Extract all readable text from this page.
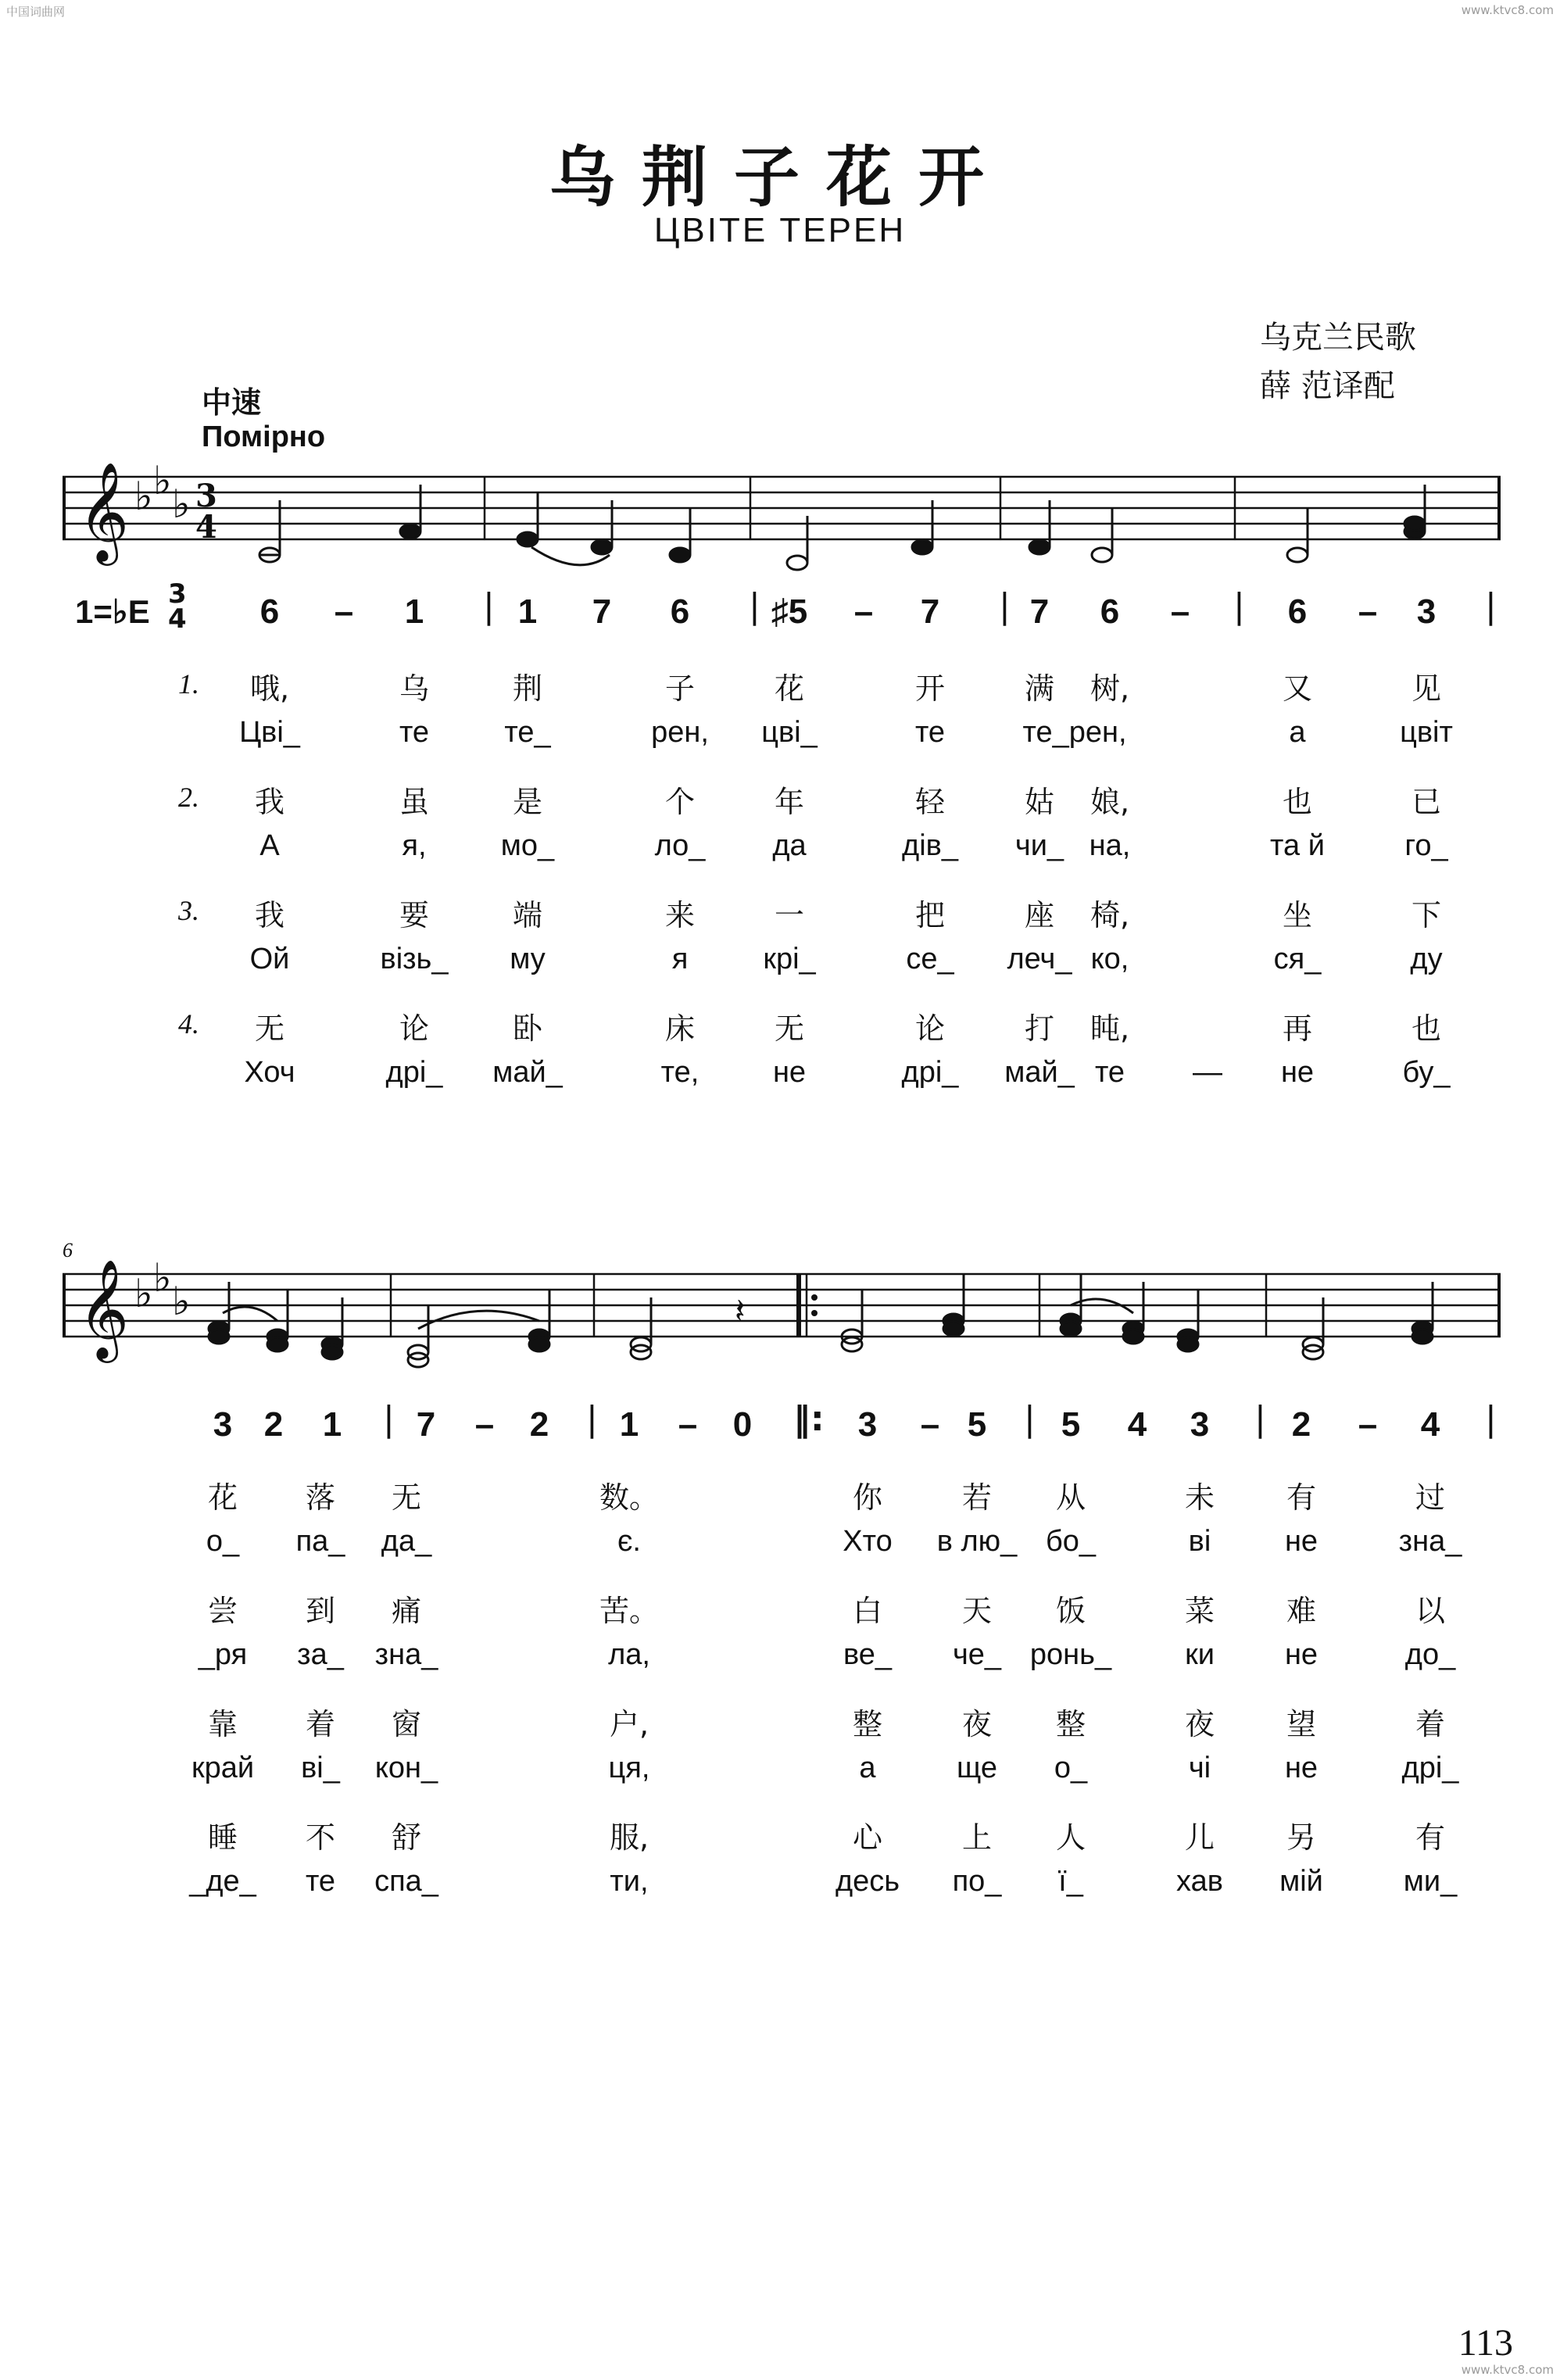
中国词曲网	www.ktvc8.com
www.ktvc8.com
乌荆子花开
ЦВІТЕ ТЕРЕН
乌克兰民歌
薛 范译配
中速
Помірно
𝄞 ♭ ♭
♭ 3
4
1=♭E 3
4	6	–	1	| 1	7	6	| ♯5	–	7	| 7	6	–	|	6	–	3	|
1.	哦,	乌	荆	子	花	开	满	树,	又	见
Цві_	те	те_	рен,	цві_	те	те_рен,	а	цвіт
2.	我	虽	是	个	年	轻	姑	娘,	也	已
А	я,	мо_	ло_	да	дів_	чи_ на,	та й	го_
3.	我	要	端	来	一	把	座	椅,	坐	下
Ой	візь_	му	я	крі_	се_	леч_ ко,	ся_	ду
4.	无	论	卧	床	无	论	打	盹,	再	也
Хоч	дрі_	май_	те,	не	дрі_	май_ те	—	не	бу_
6
𝄞 ♭ ♭
♭	𝄽
3 2	1	| 7	–	2	| 1	–	0	‖: 3	– 5	| 5	4	3	| 2	–	4	|
花	落	无	数。	你	若	从	未	有	过
о_	па_	да_	є.	Хто	в лю_ бо_	ві	не	зна_
尝	到	痛	苦。	白	天	饭	菜	难	以
_ря	за_	зна_	ла,	ве_	че_ ронь_	ки	не	до_
靠	着	窗	户,	整	夜	整	夜	望	着
край	ві_	кон_	ця,	а	ще	о_	чі	не	дрі_
睡	不	舒	服,	心	上	人	儿	另	有
_де_	те	спа_	ти,	десь	по_	ї_	хав	мій	ми_
113
